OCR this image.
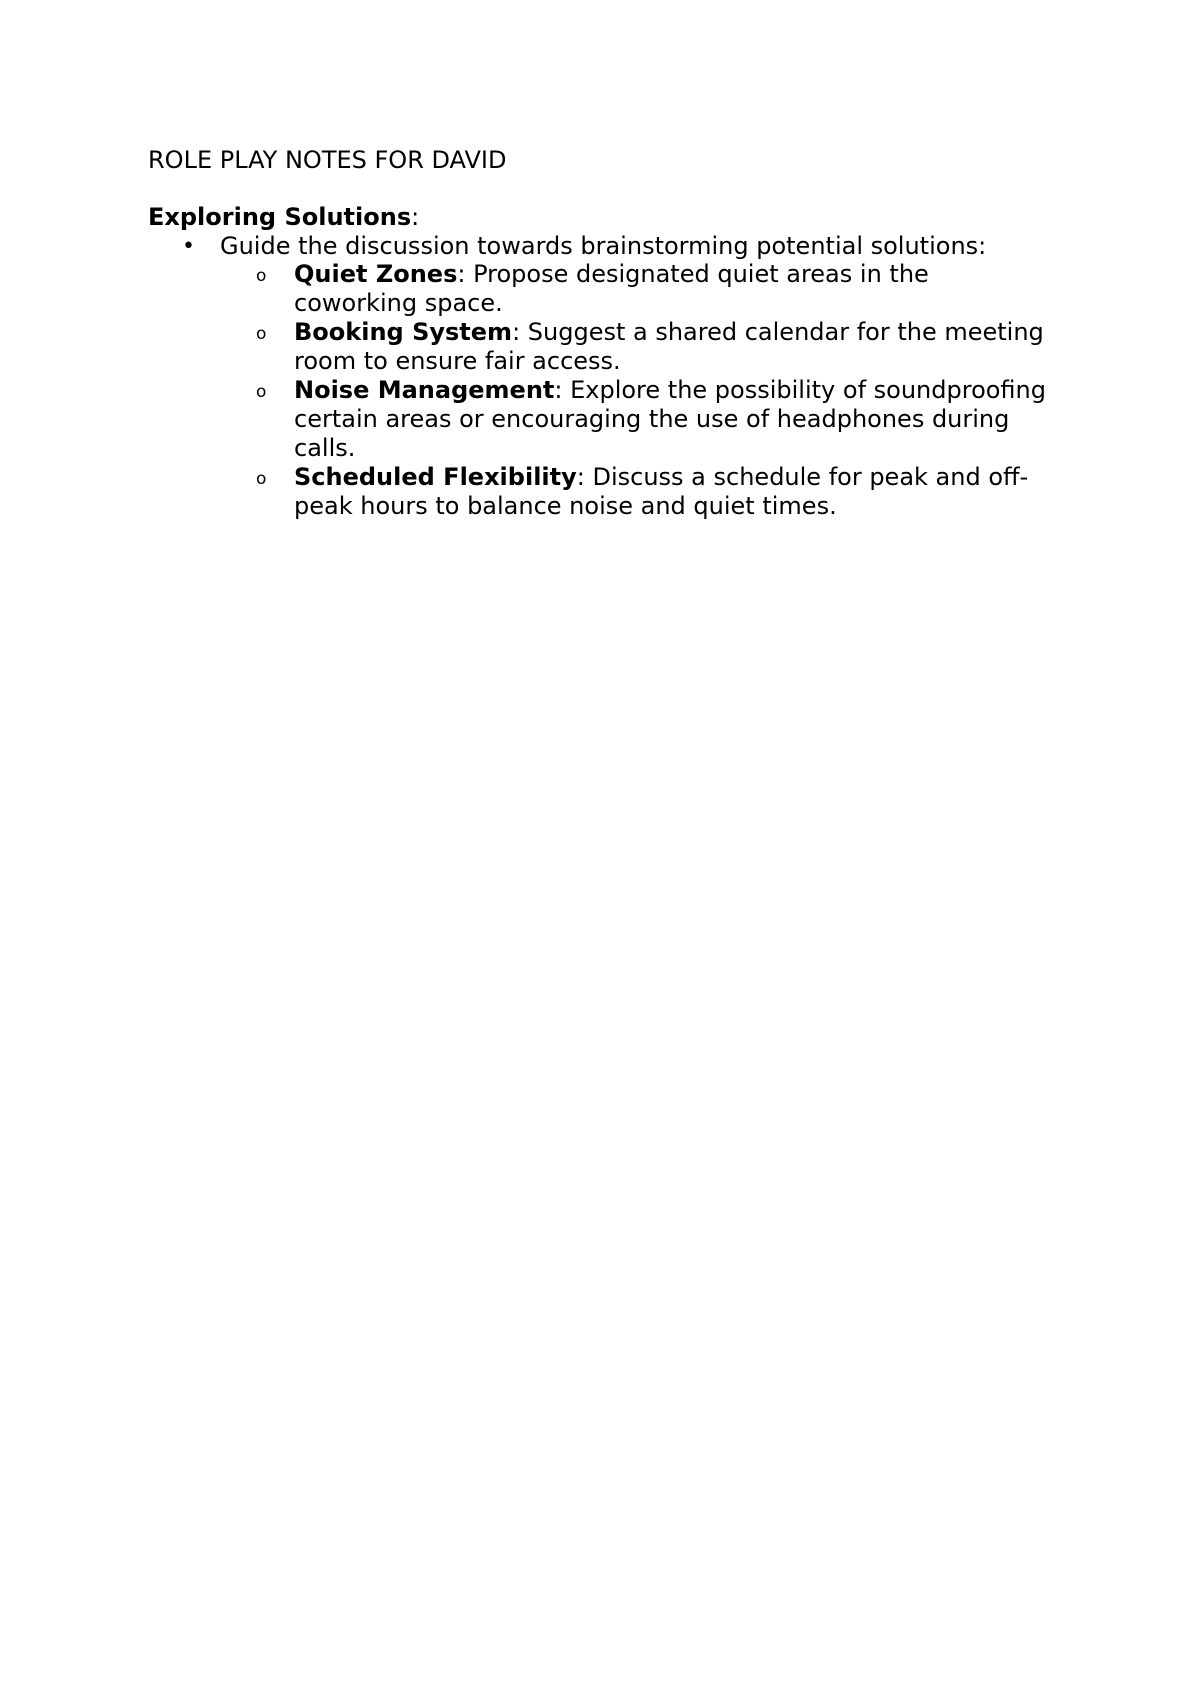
ROLE PLAY NOTES FOR DAVID
Exploring Solutions:
• Guide the discussion towards brainstorming potential solutions:
o Quiet Zones: Propose designated quiet areas in the coworking space.
o Booking System: Suggest a shared calendar for the meeting room to ensure fair access.
o Noise Management: Explore the possibility of soundproofing certain areas or encouraging the use of headphones during calls.
o Scheduled Flexibility: Discuss a schedule for peak and off-peak hours to balance noise and quiet times.
